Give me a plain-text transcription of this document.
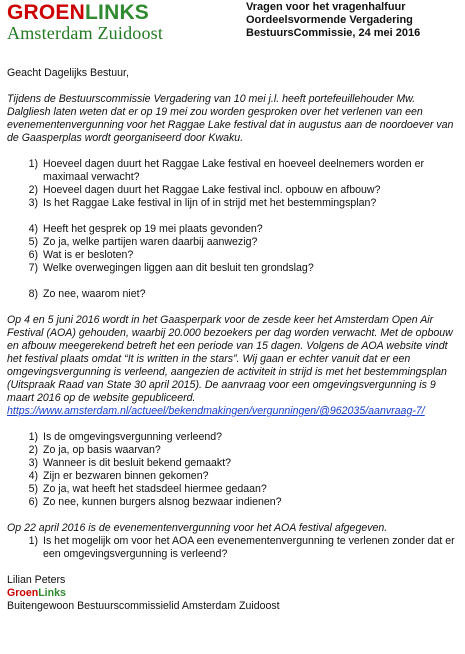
GROENLINKS
Amsterdam Zuidoost
Vragen voor het vragenhalfuur
Oordeelsvormende Vergadering
BestuursCommissie, 24 mei 2016
Geacht Dagelijks Bestuur,
Tijdens de Bestuurscommissie Vergadering van 10 mei j.l. heeft portefeuillehouder Mw. Dalgliesh laten weten dat er op 19 mei zou worden gesproken over het verlenen van een evenementenvergunning voor het Raggae Lake festival dat in augustus aan de noordoever van de Gaasperplas wordt georganiseerd door Kwaku.
1) Hoeveel dagen duurt het Raggae Lake festival en hoeveel deelnemers worden er maximaal verwacht?
2) Hoeveel dagen duurt het Raggae Lake festival incl. opbouw en afbouw?
3) Is het Raggae Lake festival in lijn of in strijd met het bestemmingsplan?
4) Heeft het gesprek op 19 mei plaats gevonden?
5) Zo ja, welke partijen waren daarbij aanwezig?
6) Wat is er besloten?
7) Welke overwegingen liggen aan dit besluit ten grondslag?
8) Zo nee, waarom niet?
Op 4 en 5 juni 2016 wordt in het Gaasperpark voor de zesde keer het Amsterdam Open Air Festival (AOA) gehouden, waarbij 20.000 bezoekers per dag worden verwacht. Met de opbouw en afbouw meegerekend betreft het een periode van 15 dagen. Volgens de AOA website vindt het festival plaats omdat “It is written in the stars”. Wij gaan er echter vanuit dat er een omgevingsvergunning is verleend, aangezien de activiteit in strijd is met het bestemmingsplan (Uitspraak Raad van State 30 april 2015). De aanvraag voor een omgevingsvergunning is 9 maart 2016 op de website gepubliceerd.
https://www.amsterdam.nl/actueel/bekendmakingen/vergunningen/@962035/aanvraag-7/
1) Is de omgevingsvergunning verleend?
2) Zo ja, op basis waarvan?
3) Wanneer is dit besluit bekend gemaakt?
4) Zijn er bezwaren binnen gekomen?
5) Zo ja, wat heeft het stadsdeel hiermee gedaan?
6) Zo nee, kunnen burgers alsnog bezwaar indienen?
Op 22 april 2016 is de evenementenvergunning voor het AOA festival afgegeven.
1) Is het mogelijk om voor het AOA een evenementenvergunning te verlenen zonder dat er een omgevingsvergunning is verleend?
Lilian Peters
GroenLinks
Buitengewoon Bestuurscommissielid Amsterdam Zuidoost
